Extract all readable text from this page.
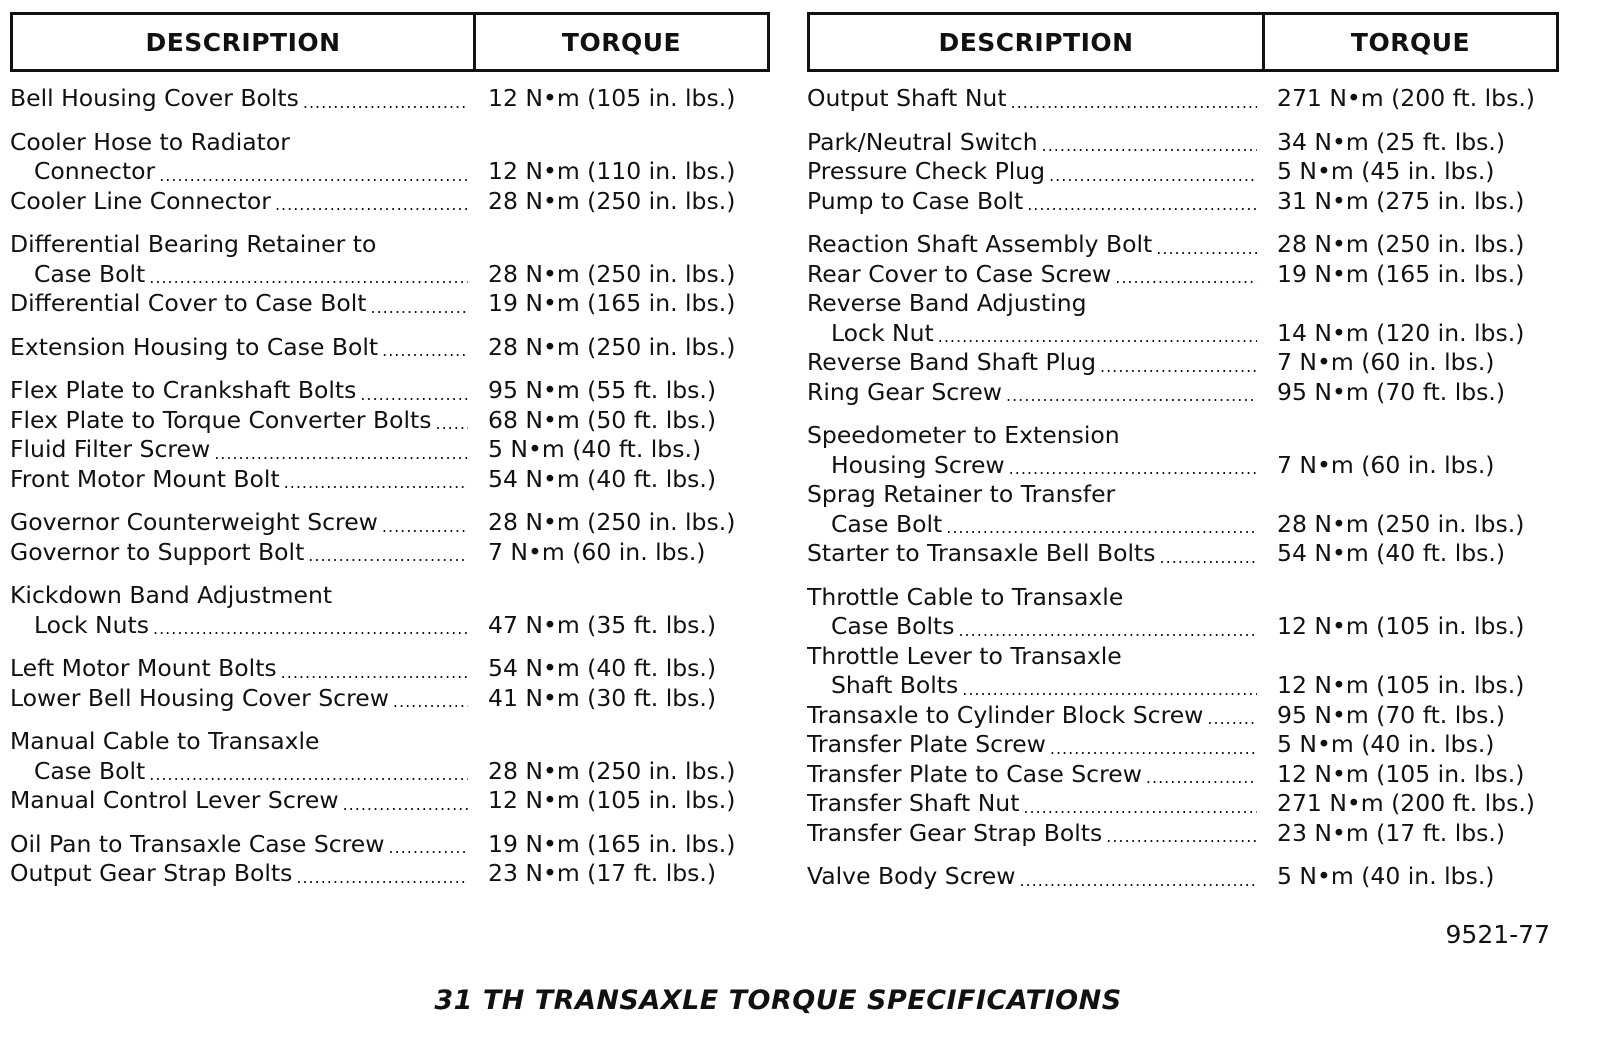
DESCRIPTION	TORQUE
Bell Housing Cover Bolts .....	12 N•m (105 in. lbs.)
Cooler Hose to Radiator
Connector .....	12 N•m (110 in. lbs.)
Cooler Line Connector .....	28 N•m (250 in. lbs.)
Differential Bearing Retainer to
Case Bolt .....	28 N•m (250 in. lbs.)
Differential Cover to Case Bolt .....	19 N•m (165 in. lbs.)
Extension Housing to Case Bolt .....	28 N•m (250 in. lbs.)
Flex Plate to Crankshaft Bolts .....	95 N•m (55 ft. lbs.)
Flex Plate to Torque Converter Bolts .....	68 N•m (50 ft. lbs.)
Fluid Filter Screw .....	5 N•m (40 ft. lbs.)
Front Motor Mount Bolt .....	54 N•m (40 ft. lbs.)
Governor Counterweight Screw .....	28 N•m (250 in. lbs.)
Governor to Support Bolt .....	7 N•m (60 in. lbs.)
Kickdown Band Adjustment
Lock Nuts .....	47 N•m (35 ft. lbs.)
Left Motor Mount Bolts .....	54 N•m (40 ft. lbs.)
Lower Bell Housing Cover Screw .....	41 N•m (30 ft. lbs.)
Manual Cable to Transaxle
Case Bolt .....	28 N•m (250 in. lbs.)
Manual Control Lever Screw .....	12 N•m (105 in. lbs.)
Oil Pan to Transaxle Case Screw .....	19 N•m (165 in. lbs.)
Output Gear Strap Bolts .....	23 N•m (17 ft. lbs.)
DESCRIPTION	TORQUE
Output Shaft Nut .....	271 N•m (200 ft. lbs.)
Park/Neutral Switch .....	34 N•m (25 ft. lbs.)
Pressure Check Plug .....	5 N•m (45 in. lbs.)
Pump to Case Bolt .....	31 N•m (275 in. lbs.)
Reaction Shaft Assembly Bolt .....	28 N•m (250 in. lbs.)
Rear Cover to Case Screw .....	19 N•m (165 in. lbs.)
Reverse Band Adjusting
Lock Nut .....	14 N•m (120 in. lbs.)
Reverse Band Shaft Plug .....	7 N•m (60 in. lbs.)
Ring Gear Screw .....	95 N•m (70 ft. lbs.)
Speedometer to Extension
Housing Screw .....	7 N•m (60 in. lbs.)
Sprag Retainer to Transfer
Case Bolt .....	28 N•m (250 in. lbs.)
Starter to Transaxle Bell Bolts .....	54 N•m (40 ft. lbs.)
Throttle Cable to Transaxle
Case Bolts .....	12 N•m (105 in. lbs.)
Throttle Lever to Transaxle
Shaft Bolts .....	12 N•m (105 in. lbs.)
Transaxle to Cylinder Block Screw .....	95 N•m (70 ft. lbs.)
Transfer Plate Screw .....	5 N•m (40 in. lbs.)
Transfer Plate to Case Screw .....	12 N•m (105 in. lbs.)
Transfer Shaft Nut .....	271 N•m (200 ft. lbs.)
Transfer Gear Strap Bolts .....	23 N•m (17 ft. lbs.)
Valve Body Screw .....	5 N•m (40 in. lbs.)
9521-77
31 TH TRANSAXLE TORQUE SPECIFICATIONS
